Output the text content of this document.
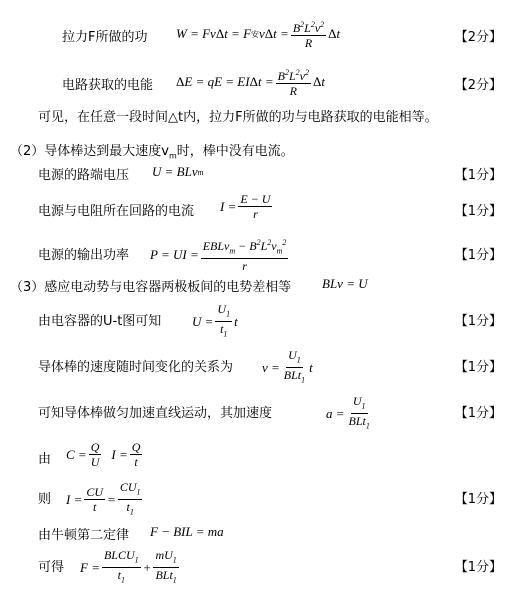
拉力F所做的功 W = Fv Δ t = F 安 v Δ $t = \frac{B^2L^2v^2}{R}$ Δ t	【2分】
电路获取的电能 Δ E = qE = EI Δ $t = \frac{B^2L^2v^2}{R}$ Δ t	【2分】
可见，在任意一段时间△t内，拉力F所做的功与电路获取的电能相等。
（2）导体棒达到最大速度$v_m$时，棒中没有电流。
电源的路端电压 U = BLv m	【1分】
电源与电阻所在回路的电流 $I = \frac{E - U}{r}$	【1分】
电源的输出功率 P = UI = $\frac{EBLv_m - B^2L^2v_m^2}{r}$	【1分】
（3）感应电动势与电容器两极板间的电势差相等 BLv = U
由电容器的U-t图可知 $U = \frac{U_1}{t_1}$ t	【1分】
导体棒的速度随时间变化的关系为 $v = \frac{U_1}{BLt_1}$ t	【1分】
可知导体棒做匀加速直线运动，其加速度	$a = \frac{U_1}{BLt_1}$	【1分】
由 $C = \frac{Q}{U}$ $I = \frac{Q}{t}$
则 $I = \frac{CU}{t} = \frac{CU_1}{t_1}$	【1分】
由牛顿第二定律 F − BIL = ma
可得 $F = \frac{BLCU_1}{t_1} + \frac{mU_1}{BLt_1}$	【1分】
